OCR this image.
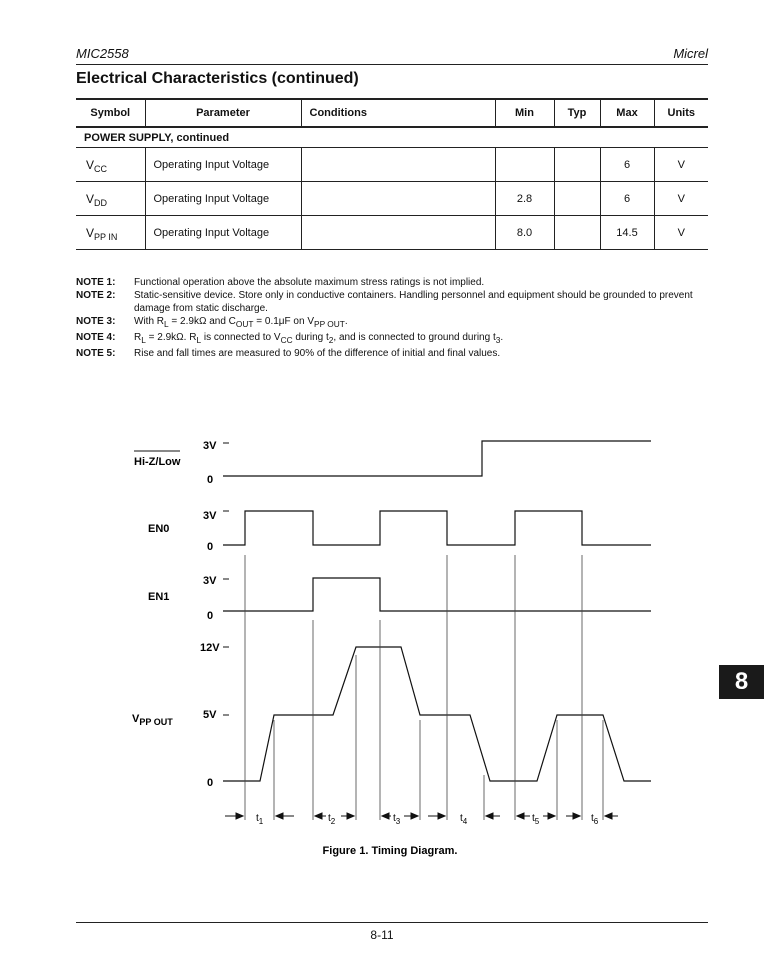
MIC2558	Micrel
Electrical Characteristics (continued)
Symbol	Parameter	Conditions	Min	Typ	Max	Units
POWER SUPPLY, continued						
$V_{CC}$	Operating Input Voltage				6	V
$V_{DD}$	Operating Input Voltage		2.8		6	V
$V_{PP IN}$	Operating Input Voltage		8.0		14.5	V
NOTE 1:	Functional operation above the absolute maximum stress ratings is not implied.
NOTE 2:	Static-sensitive device. Store only in conductive containers. Handling personnel and equipment should be grounded to prevent damage from static discharge.
NOTE 3:	With $R_L = 2.9k\Omega$ and $C_{OUT} = 0.1\mu F$ on $V_{PP OUT}$.
NOTE 4:	$R_L = 2.9k\Omega$. $R_L$ is connected to $V_{CC}$ during $t_2$, and is connected to ground during $t_3$.
NOTE 5:	Rise and fall times are measured to 90% of the difference of initial and final values.
Hi-Z/Low
EN0
EN1
$V_{PP OUT}$
3V
0
3V
0
3V
0
12V
5V
0
$t_1$	$t_2$	$t_3$	$t_4$	$t_5$	$t_6$
Figure 1. Timing Diagram.
8
8-11
